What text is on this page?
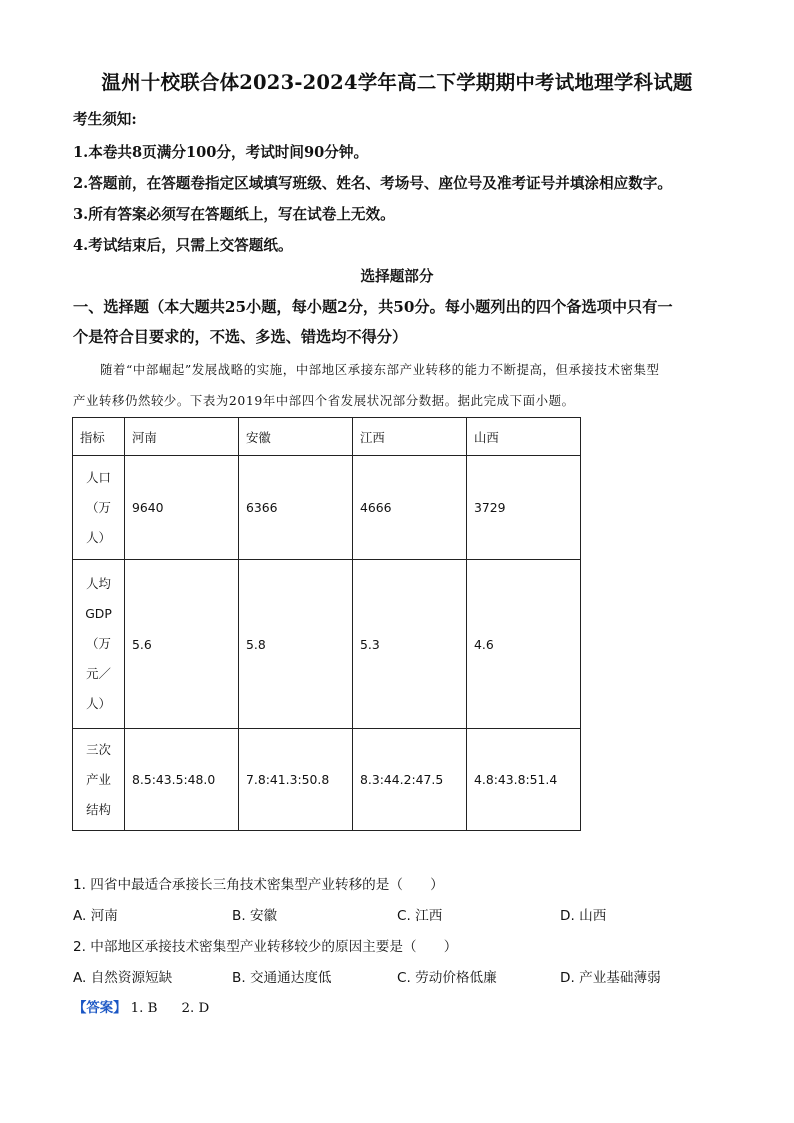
温州十校联合体2023-2024学年高二下学期期中考试地理学科试题
考生须知:
1.本卷共8页满分100分，考试时间90分钟。
2.答题前，在答题卷指定区域填写班级、姓名、考场号、座位号及准考证号并填涂相应数字。
3.所有答案必须写在答题纸上，写在试卷上无效。
4.考试结束后，只需上交答题纸。
选择题部分
一、选择题（本大题共25小题，每小题2分，共50分。每小题列出的四个备选项中只有一
个是符合目要求的，不选、多选、错选均不得分）
随着“中部崛起”发展战略的实施，中部地区承接东部产业转移的能力不断提高，但承接技术密集型
产业转移仍然较少。下表为2019年中部四个省发展状况部分数据。据此完成下面小题。
指标	河南	安徽	江西	山西

人口
（万
人）	9640	6366	4666	3729

人均
GDP
（万
元／
人）	5.6	5.8	5.3	4.6

三次
产业
结构	8.5:43.5:48.0	7.8:41.3:50.8	8.3:44.2:47.5	4.8:43.8:51.4
1. 四省中最适合承接长三角技术密集型产业转移的是（　　）
A. 河南	B. 安徽	C. 江西	D. 山西
2. 中部地区承接技术密集型产业转移较少的原因主要是（　　）
A. 自然资源短缺	B. 交通通达度低	C. 劳动价格低廉	D. 产业基础薄弱
【答案】 1. B 2. D
